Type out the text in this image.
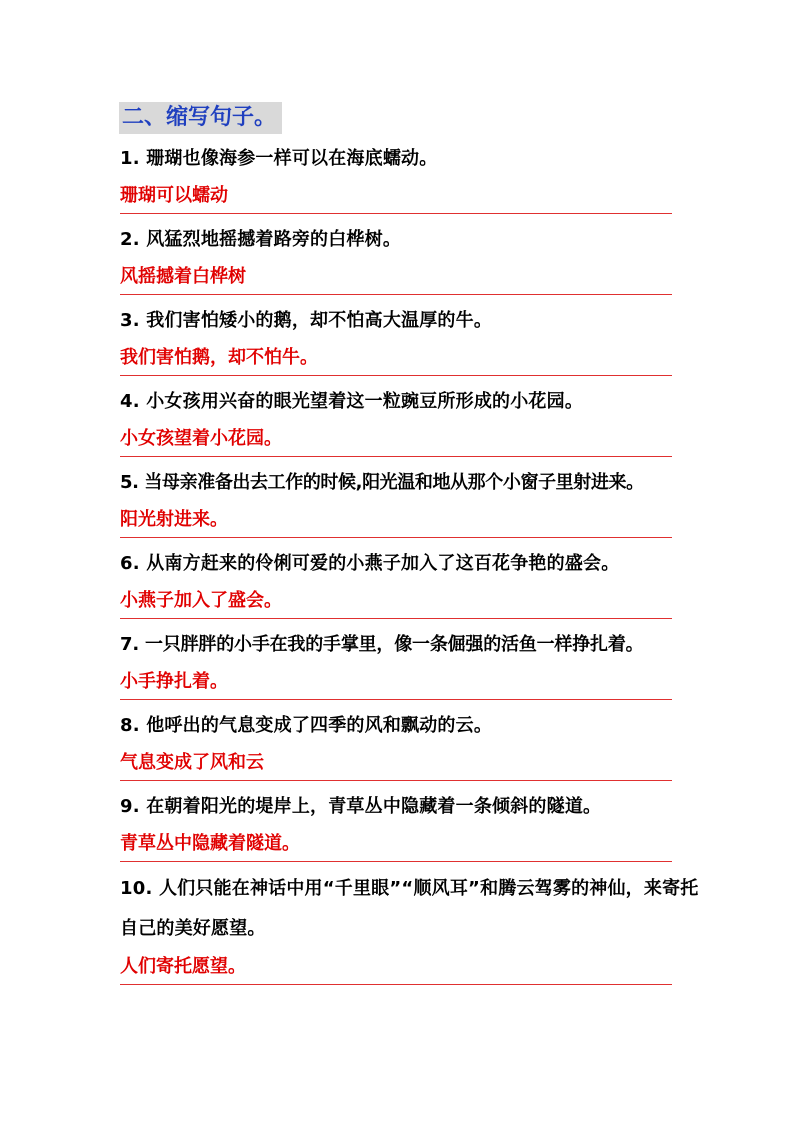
二、缩写句子。
1. 珊瑚也像海参一样可以在海底蠕动。
珊瑚可以蠕动
2. 风猛烈地摇撼着路旁的白桦树。
风摇撼着白桦树
3. 我们害怕矮小的鹅，却不怕高大温厚的牛。
我们害怕鹅，却不怕牛。
4. 小女孩用兴奋的眼光望着这一粒豌豆所形成的小花园。
小女孩望着小花园。
5. 当母亲准备出去工作的时候,阳光温和地从那个小窗子里射进来。
阳光射进来。
6. 从南方赶来的伶俐可爱的小燕子加入了这百花争艳的盛会。
小燕子加入了盛会。
7. 一只胖胖的小手在我的手掌里，像一条倔强的活鱼一样挣扎着。
小手挣扎着。
8. 他呼出的气息变成了四季的风和飘动的云。
气息变成了风和云
9. 在朝着阳光的堤岸上，青草丛中隐藏着一条倾斜的隧道。
青草丛中隐藏着隧道。
10. 人们只能在神话中用“千里眼”“顺风耳”和腾云驾雾的神仙，来寄托自己的美好愿望。
人们寄托愿望。
